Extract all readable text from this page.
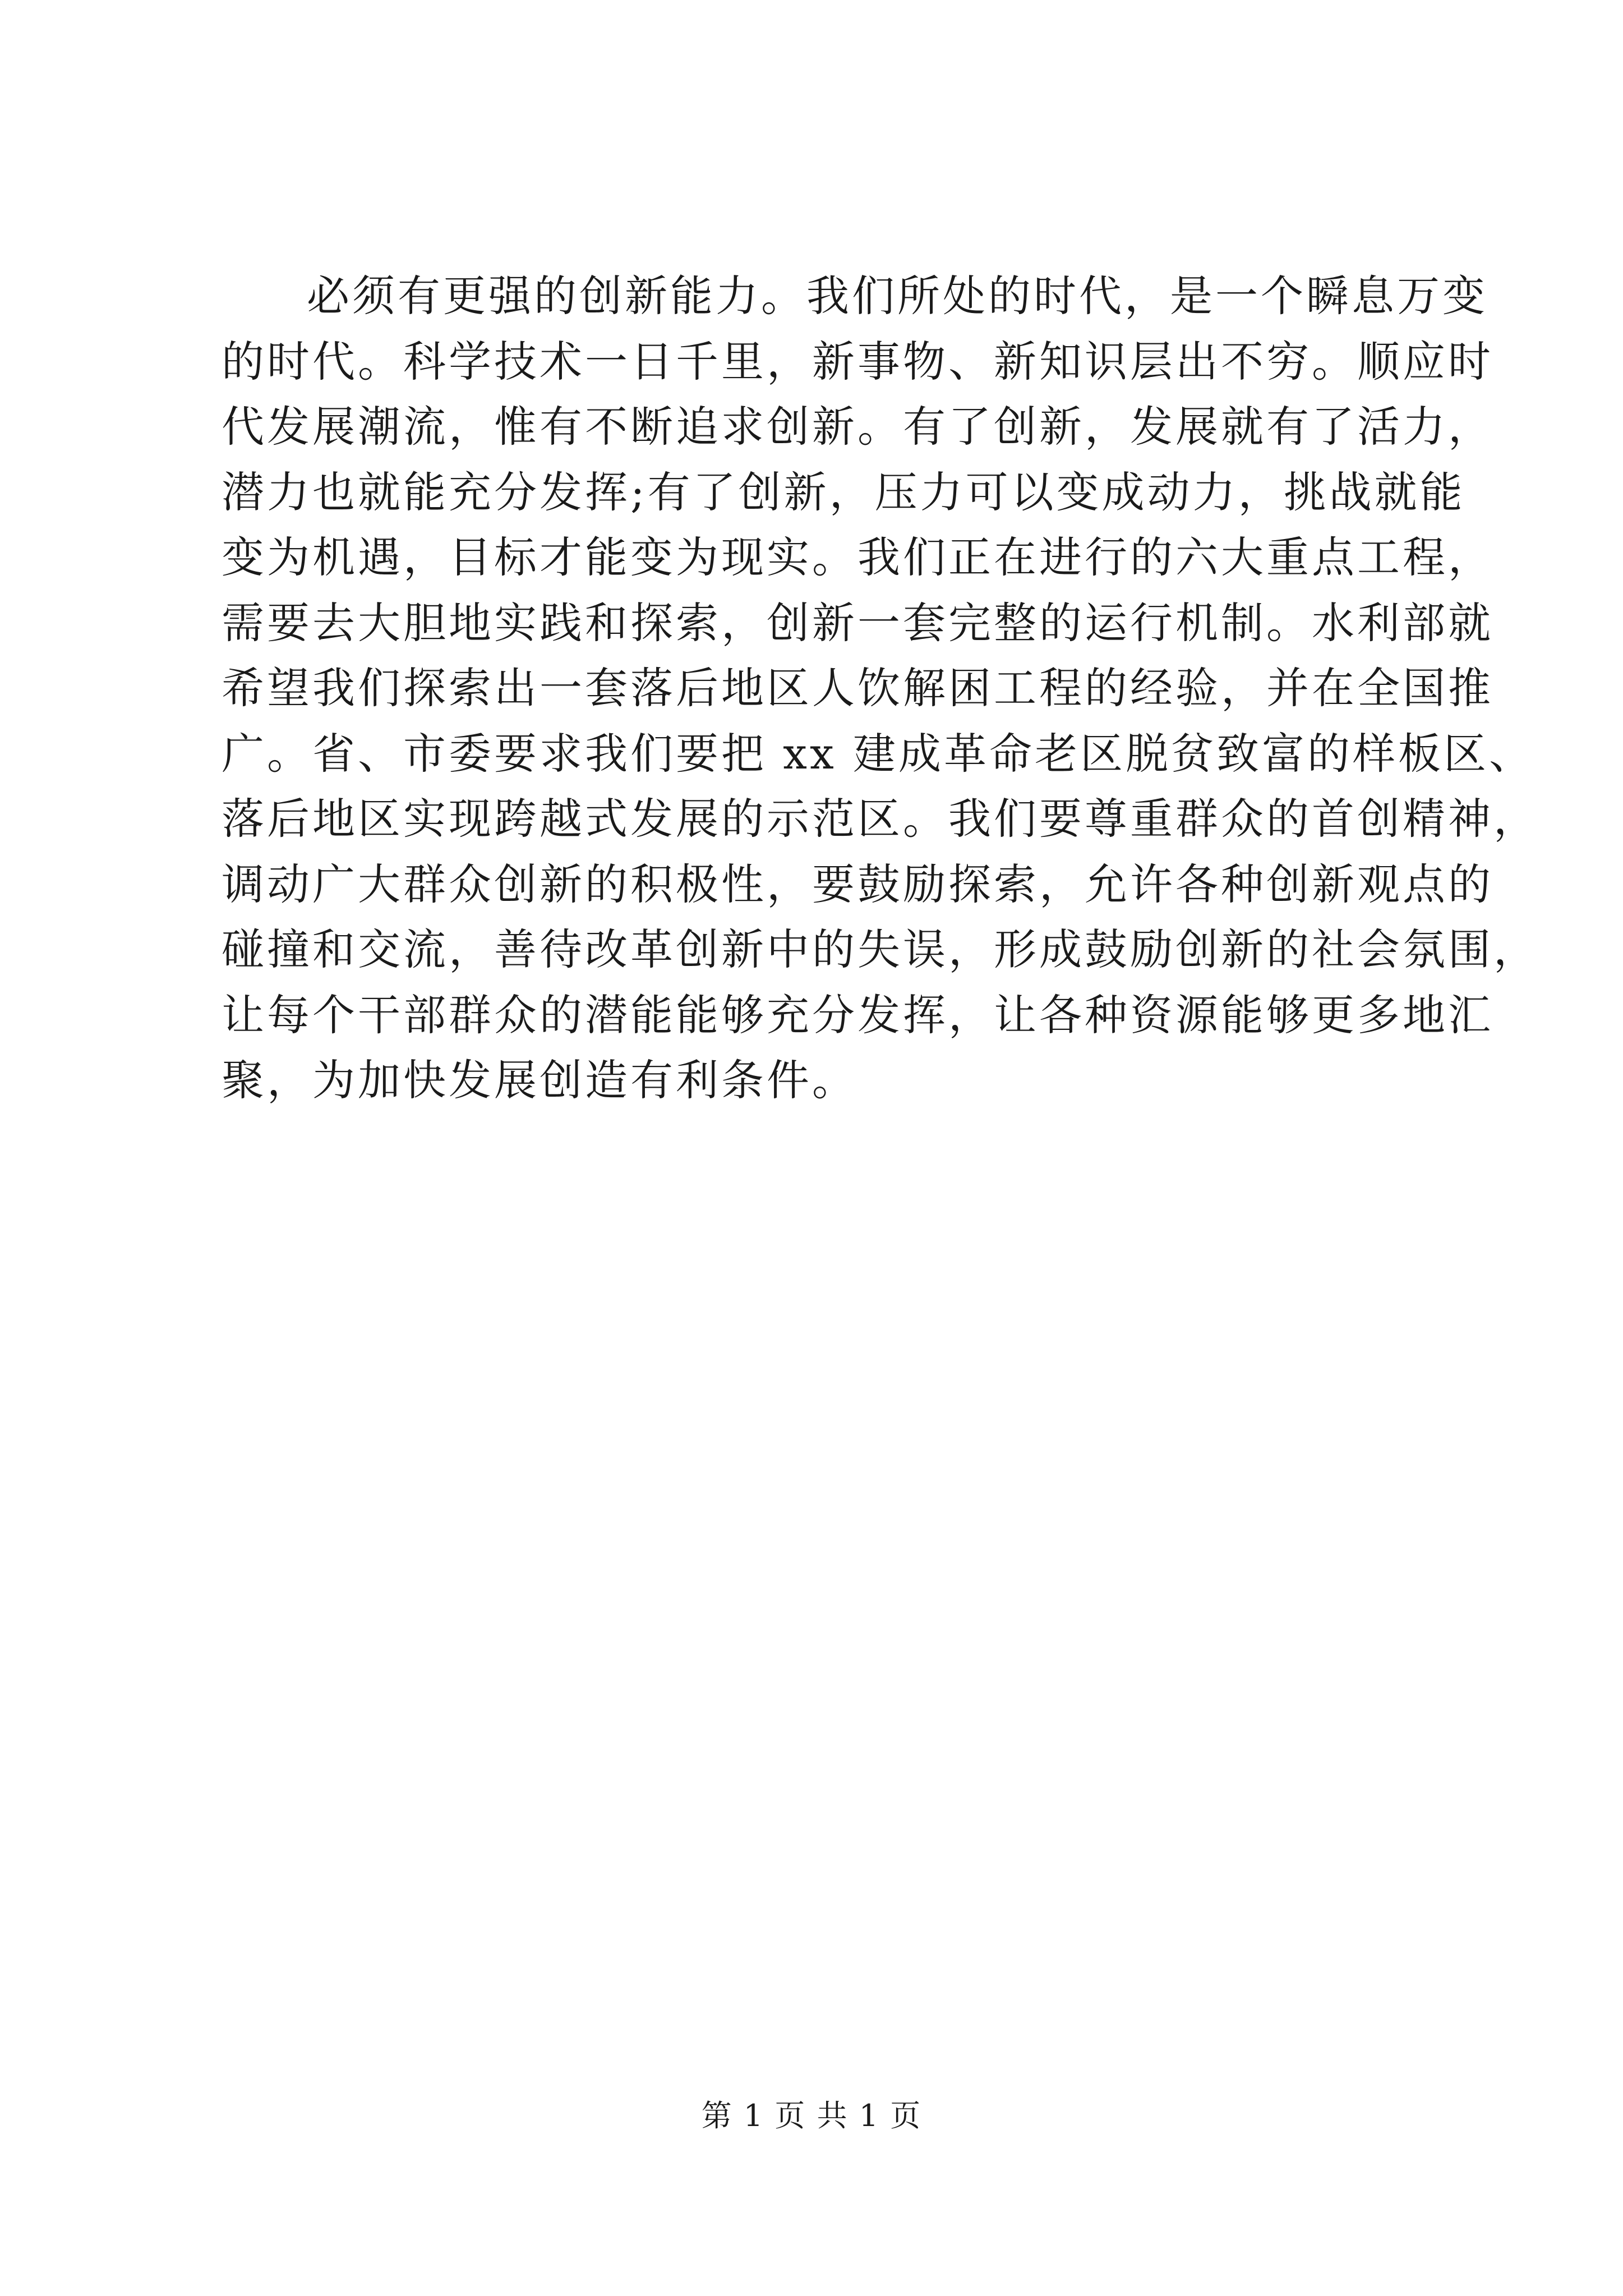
必须有更强的创新能力。我们所处的时代，是一个瞬息万变
的时代。科学技术一日千里，新事物、新知识层出不穷。顺应时
代发展潮流，惟有不断追求创新。有了创新，发展就有了活力，
潜力也就能充分发挥;有了创新，压力可以变成动力，挑战就能
变为机遇，目标才能变为现实。我们正在进行的六大重点工程，
需要去大胆地实践和探索，创新一套完整的运行机制。水利部就
希望我们探索出一套落后地区人饮解困工程的经验，并在全国推
广。省、市委要求我们要把 xx 建成革命老区脱贫致富的样板区、
落后地区实现跨越式发展的示范区。我们要尊重群众的首创精神，
调动广大群众创新的积极性，要鼓励探索，允许各种创新观点的
碰撞和交流，善待改革创新中的失误，形成鼓励创新的社会氛围，
让每个干部群众的潜能能够充分发挥，让各种资源能够更多地汇
聚，为加快发展创造有利条件。
第 1 页 共 1 页
